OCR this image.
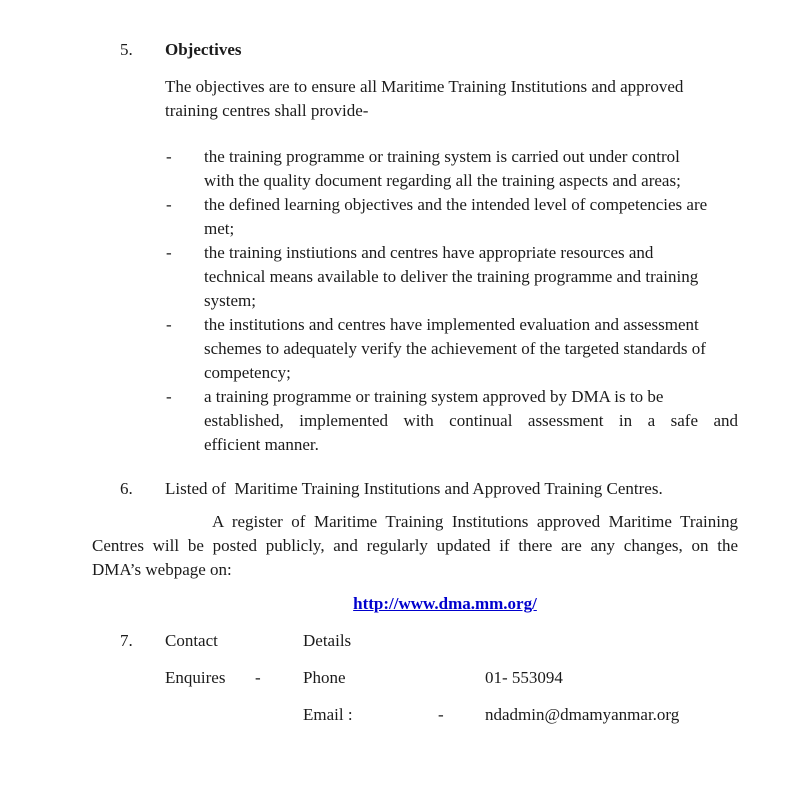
5. Objectives
The objectives are to ensure all Maritime Training Institutions and approved
training centres shall provide-
- the training programme or training system is carried out under control
with the quality document regarding all the training aspects and areas;
- the defined learning objectives and the intended level of competencies are
met;
- the training instiutions and centres have appropriate resources and
technical means available to deliver the training programme and training
system;
- the institutions and centres have implemented evaluation and assessment
schemes to adequately verify the achievement of the targeted standards of
competency;
- a training programme or training system approved by DMA is to be
established, implemented with continual assessment in a safe and
efficient manner.
6. Listed of  Maritime Training Institutions and Approved Training Centres.
A register of Maritime Training Institutions approved Maritime Training
Centres will be posted publicly, and regularly updated if there are any changes, on the
DMA’s webpage on:
http://www.dma.mm.org/
7. Contact	Details
Enquires - Phone	01- 553094
Email :	- ndadmin@dmamyanmar.org
